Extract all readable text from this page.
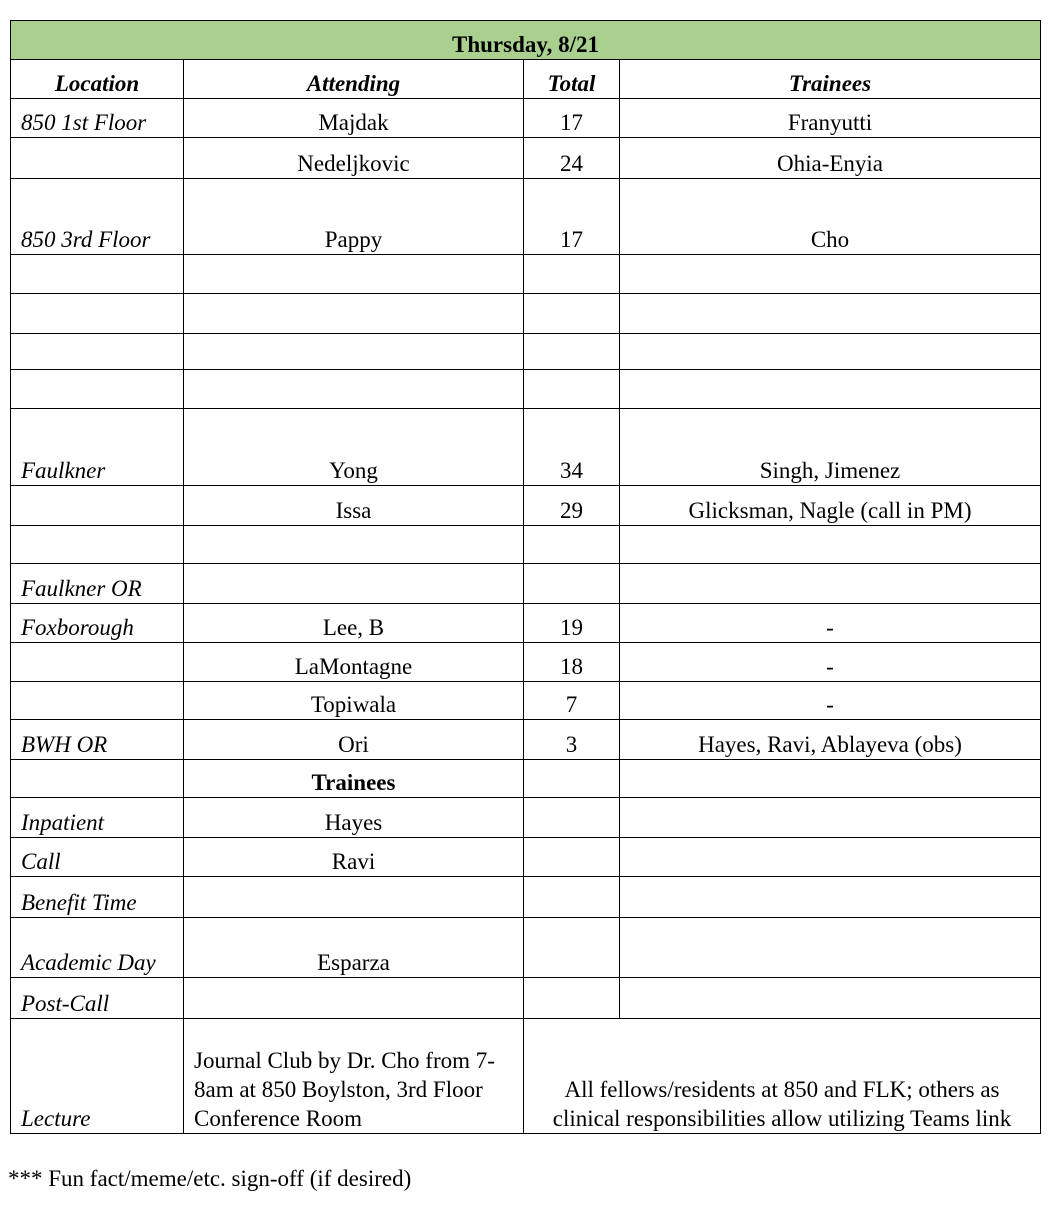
Thursday, 8/21			
Location	Attending	Total	Trainees
850 1st Floor	Majdak	17	Franyutti
	Nedeljkovic	24	Ohia-Enyia
850 3rd Floor	Pappy	17	Cho

Faulkner	Yong	34	Singh, Jimenez
	Issa	29	Glicksman, Nagle (call in PM)

Faulkner OR			
Foxborough	Lee, B	19	-
	LaMontagne	18	-
	Topiwala	7	-
BWH OR	Ori	3	Hayes, Ravi, Ablayeva (obs)
	Trainees		
Inpatient	Hayes		
Call	Ravi		
Benefit Time			
Academic Day	Esparza		
Post-Call			
Lecture	Journal Club by Dr. Cho from 7-8am at 850 Boylston, 3rd Floor Conference Room	All fellows/residents at 850 and FLK; others as clinical responsibilities allow utilizing Teams link	
*** Fun fact/meme/etc. sign-off (if desired)
